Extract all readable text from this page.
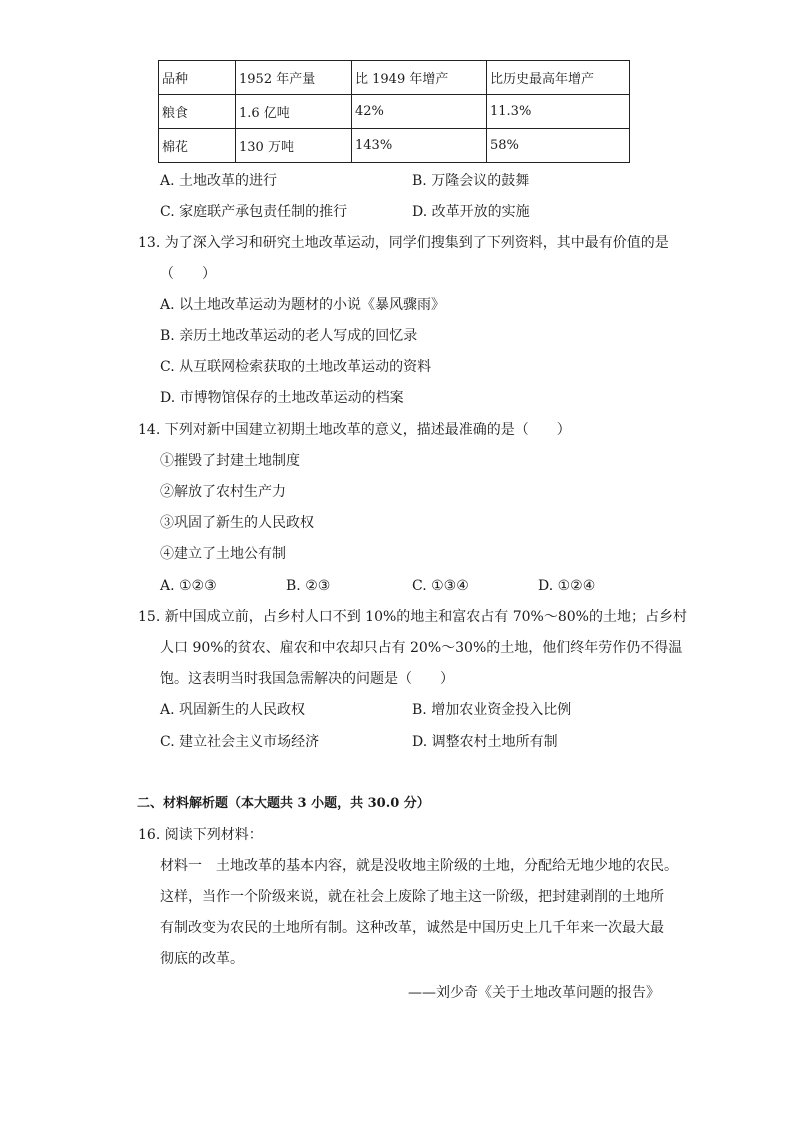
品种	1952 年产量	比 1949 年增产	比历史最高年增产
粮食	1.6 亿吨	42%	11.3%
棉花	130 万吨	143%	58%
A. 土地改革的进行	B. 万隆会议的鼓舞
C. 家庭联产承包责任制的推行	D. 改革开放的实施
13. 为了深入学习和研究土地改革运动，同学们搜集到了下列资料，其中最有价值的是
（　　）
A. 以土地改革运动为题材的小说《暴风骤雨》
B. 亲历土地改革运动的老人写成的回忆录
C. 从互联网检索获取的土地改革运动的资料
D. 市博物馆保存的土地改革运动的档案
14. 下列对新中国建立初期土地改革的意义，描述最准确的是（　　）
①摧毁了封建土地制度
②解放了农村生产力
③巩固了新生的人民政权
④建立了土地公有制
A. ①②③	B. ②③	C. ①③④	D. ①②④
15. 新中国成立前，占乡村人口不到 10%的地主和富农占有 70%～80%的土地；占乡村
人口 90%的贫农、雇农和中农却只占有 20%～30%的土地，他们终年劳作仍不得温
饱。这表明当时我国急需解决的问题是（　　）
A. 巩固新生的人民政权	B. 增加农业资金投入比例
C. 建立社会主义市场经济	D. 调整农村土地所有制
二、材料解析题（本大题共 3 小题，共 30.0 分）
16. 阅读下列材料：
材料一　土地改革的基本内容，就是没收地主阶级的土地，分配给无地少地的农民。
这样，当作一个阶级来说，就在社会上废除了地主这一阶级，把封建剥削的土地所
有制改变为农民的土地所有制。这种改革，诚然是中国历史上几千年来一次最大最
彻底的改革。
——刘少奇《关于土地改革问题的报告》
